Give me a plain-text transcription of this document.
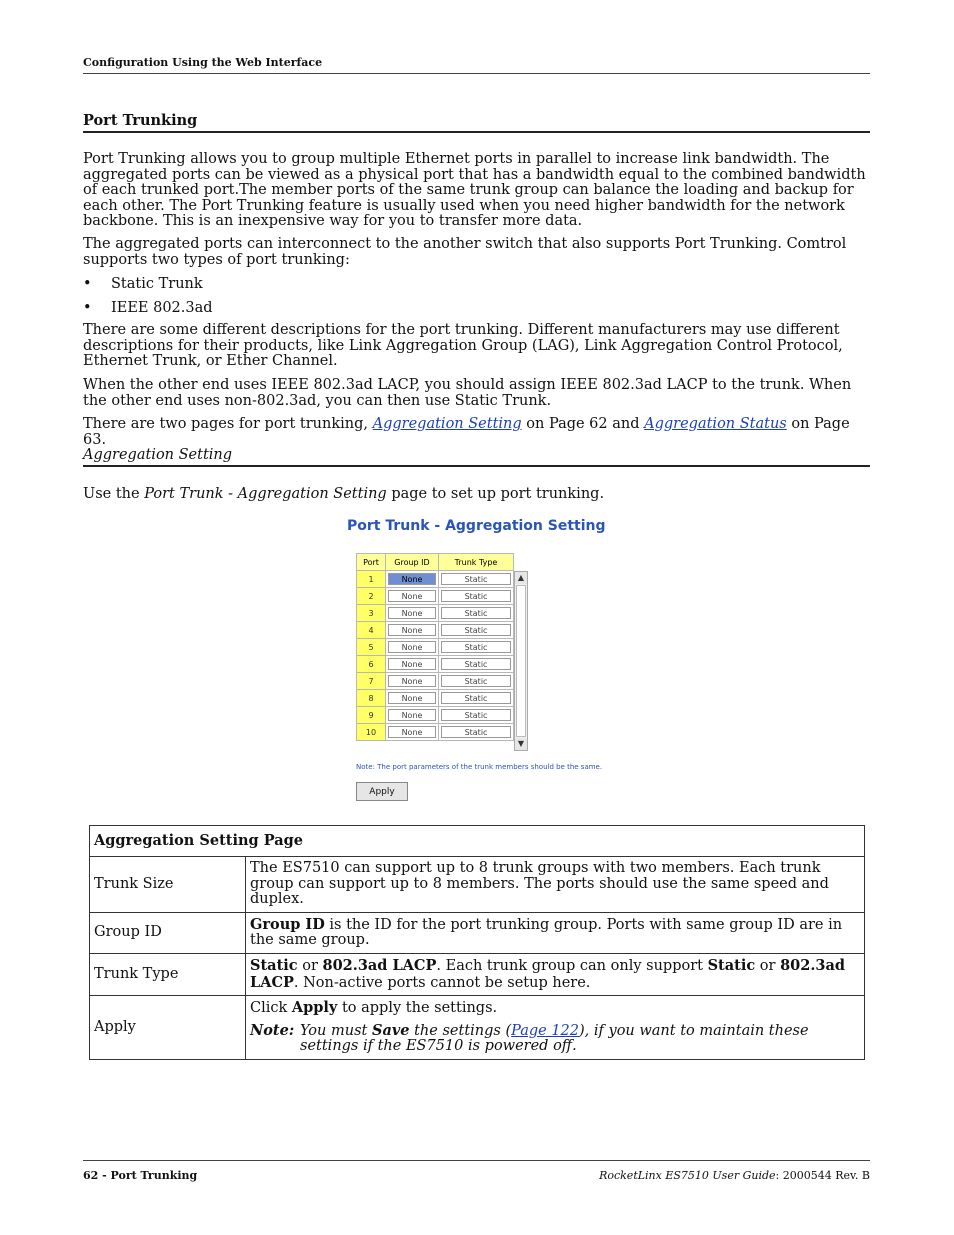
Configuration Using the Web Interface
Port Trunking

Port Trunking allows you to group multiple Ethernet ports in parallel to increase link bandwidth. The aggregated ports can be viewed as a physical port that has a bandwidth equal to the combined bandwidth of each trunked port.The member ports of the same trunk group can balance the loading and backup for each other. The Port Trunking feature is usually used when you need higher bandwidth for the network backbone. This is an inexpensive way for you to transfer more data.

The aggregated ports can interconnect to the another switch that also supports Port Trunking. Comtrol supports two types of port trunking:

• Static Trunk
• IEEE 802.3ad

There are some different descriptions for the port trunking. Different manufacturers may use different descriptions for their products, like Link Aggregation Group (LAG), Link Aggregation Control Protocol, Ethernet Trunk, or Ether Channel.

When the other end uses IEEE 802.3ad LACP, you should assign IEEE 802.3ad LACP to the trunk. When the other end uses non-802.3ad, you can then use Static Trunk.

There are two pages for port trunking, Aggregation Setting on Page 62 and Aggregation Status on Page 63.

Aggregation Setting

Use the Port Trunk - Aggregation Setting page to set up port trunking.

Port Trunk - Aggregation Setting
Port	Group ID	Trunk Type
1	None	Static

2	None	Static

3	None	Static

4	None	Static

5	None	Static

6	None	Static

7	None	Static

8	None	Static

9	None	Static

10	None	Static
▲
▼
Note: The port parameters of the trunk members should be the same.
Apply
Aggregation Setting Page	
Trunk Size	The ES7510 can support up to 8 trunk groups with two members. Each trunk group can support up to 8 members. The ports should use the same speed and duplex.
Group ID	Group ID is the ID for the port trunking group. Ports with same group ID are in the same group.
Trunk Type	Static or 802.3ad LACP. Each trunk group can only support Static or 802.3ad LACP. Non-active ports cannot be setup here.
Apply	Click Apply to apply the settings.
Note: You must Save the settings (Page 122), if you want to maintain these settings if the ES7510 is powered off.
62 - Port Trunking	RocketLinx ES7510 User Guide: 2000544 Rev. B
